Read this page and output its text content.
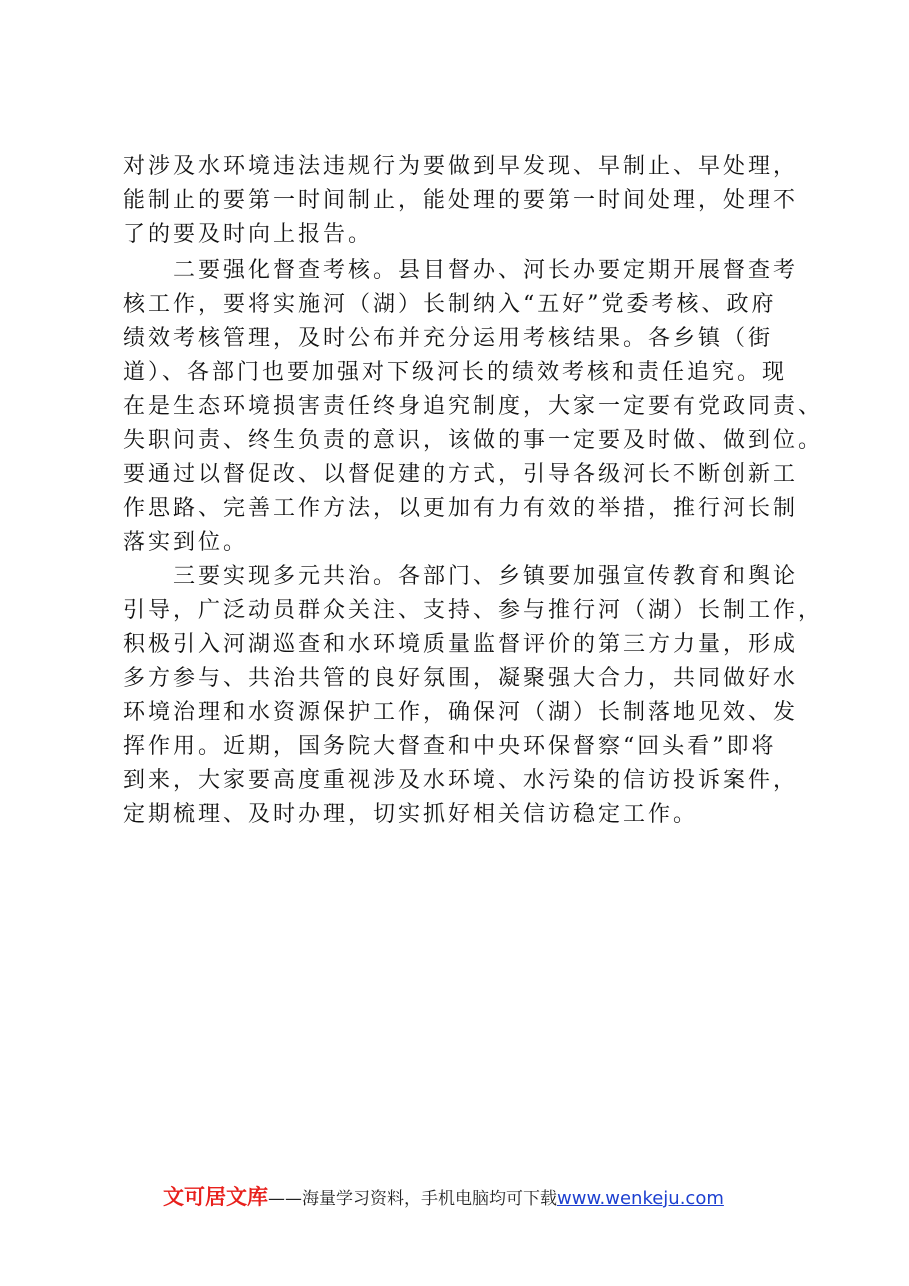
对涉及水环境违法违规行为要做到早发现、早制止、早处理，
能制止的要第一时间制止，能处理的要第一时间处理，处理不
了的要及时向上报告。
　　二要强化督查考核。县目督办、河长办要定期开展督查考
核工作，要将实施河（湖）长制纳入“五好”党委考核、政府
绩效考核管理，及时公布并充分运用考核结果。各乡镇（街
道）、各部门也要加强对下级河长的绩效考核和责任追究。现
在是生态环境损害责任终身追究制度，大家一定要有党政同责、
失职问责、终生负责的意识，该做的事一定要及时做、做到位。
要通过以督促改、以督促建的方式，引导各级河长不断创新工
作思路、完善工作方法，以更加有力有效的举措，推行河长制
落实到位。
　　三要实现多元共治。各部门、乡镇要加强宣传教育和舆论
引导，广泛动员群众关注、支持、参与推行河（湖）长制工作，
积极引入河湖巡查和水环境质量监督评价的第三方力量，形成
多方参与、共治共管的良好氛围，凝聚强大合力，共同做好水
环境治理和水资源保护工作，确保河（湖）长制落地见效、发
挥作用。近期，国务院大督查和中央环保督察“回头看”即将
到来，大家要高度重视涉及水环境、水污染的信访投诉案件，
定期梳理、及时办理，切实抓好相关信访稳定工作。
文可居文库——海量学习资料，手机电脑均可下载www.wenkeju.com
